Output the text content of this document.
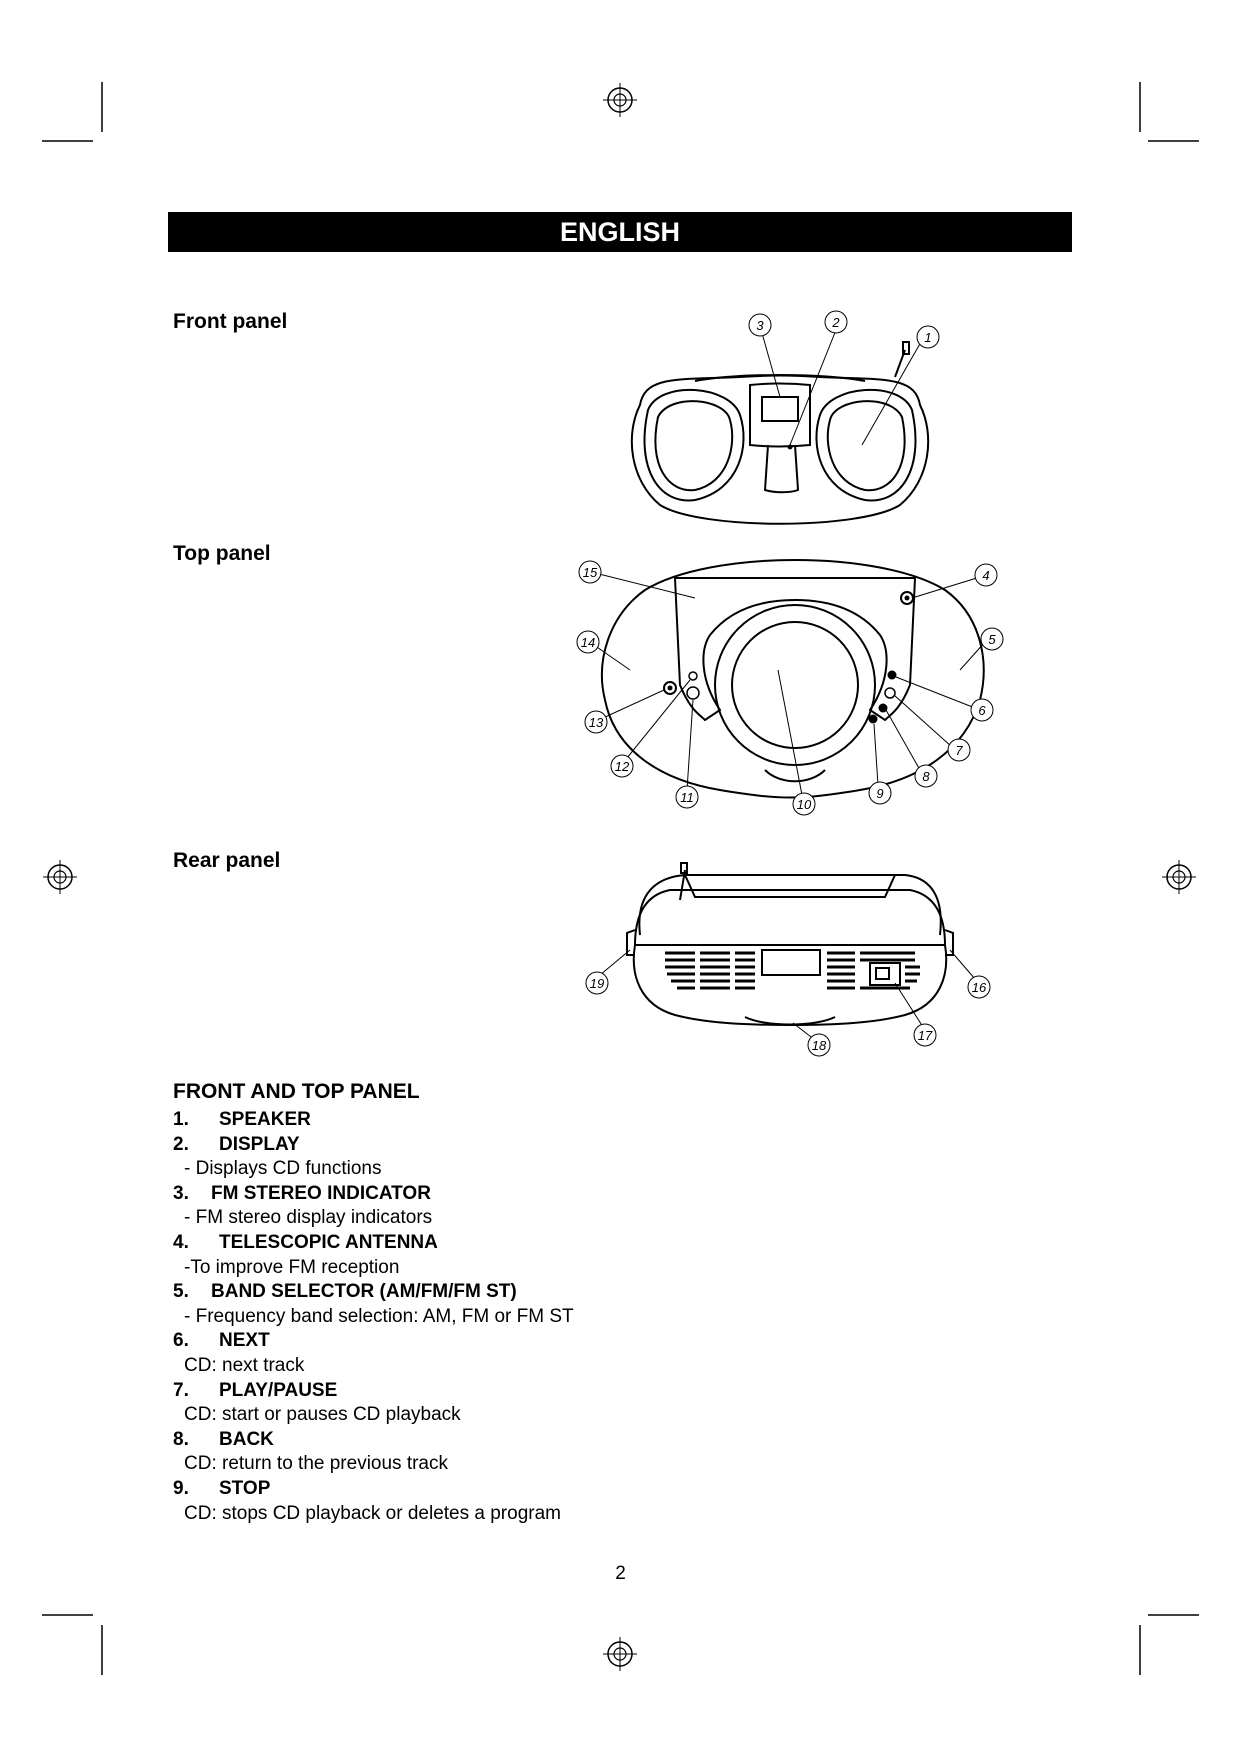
ENGLISH
Front panel
Top panel
Rear panel
3	2
1
15	4
14	5
13
6
7
12
8
11	9
10
19	16
17
18
FRONT AND TOP PANEL
1.	SPEAKER
2.	DISPLAY
- Displays CD functions
3.	FM STEREO INDICATOR
- FM stereo display indicators
4.	TELESCOPIC ANTENNA
-To improve FM reception
5.	BAND SELECTOR (AM/FM/FM ST)
- Frequency band selection: AM, FM or FM ST
6.	NEXT
CD: next track
7.	PLAY/PAUSE
CD: start or pauses CD playback
8.	BACK
CD: return to the previous track
9.	STOP
CD: stops CD playback or deletes a program
2
